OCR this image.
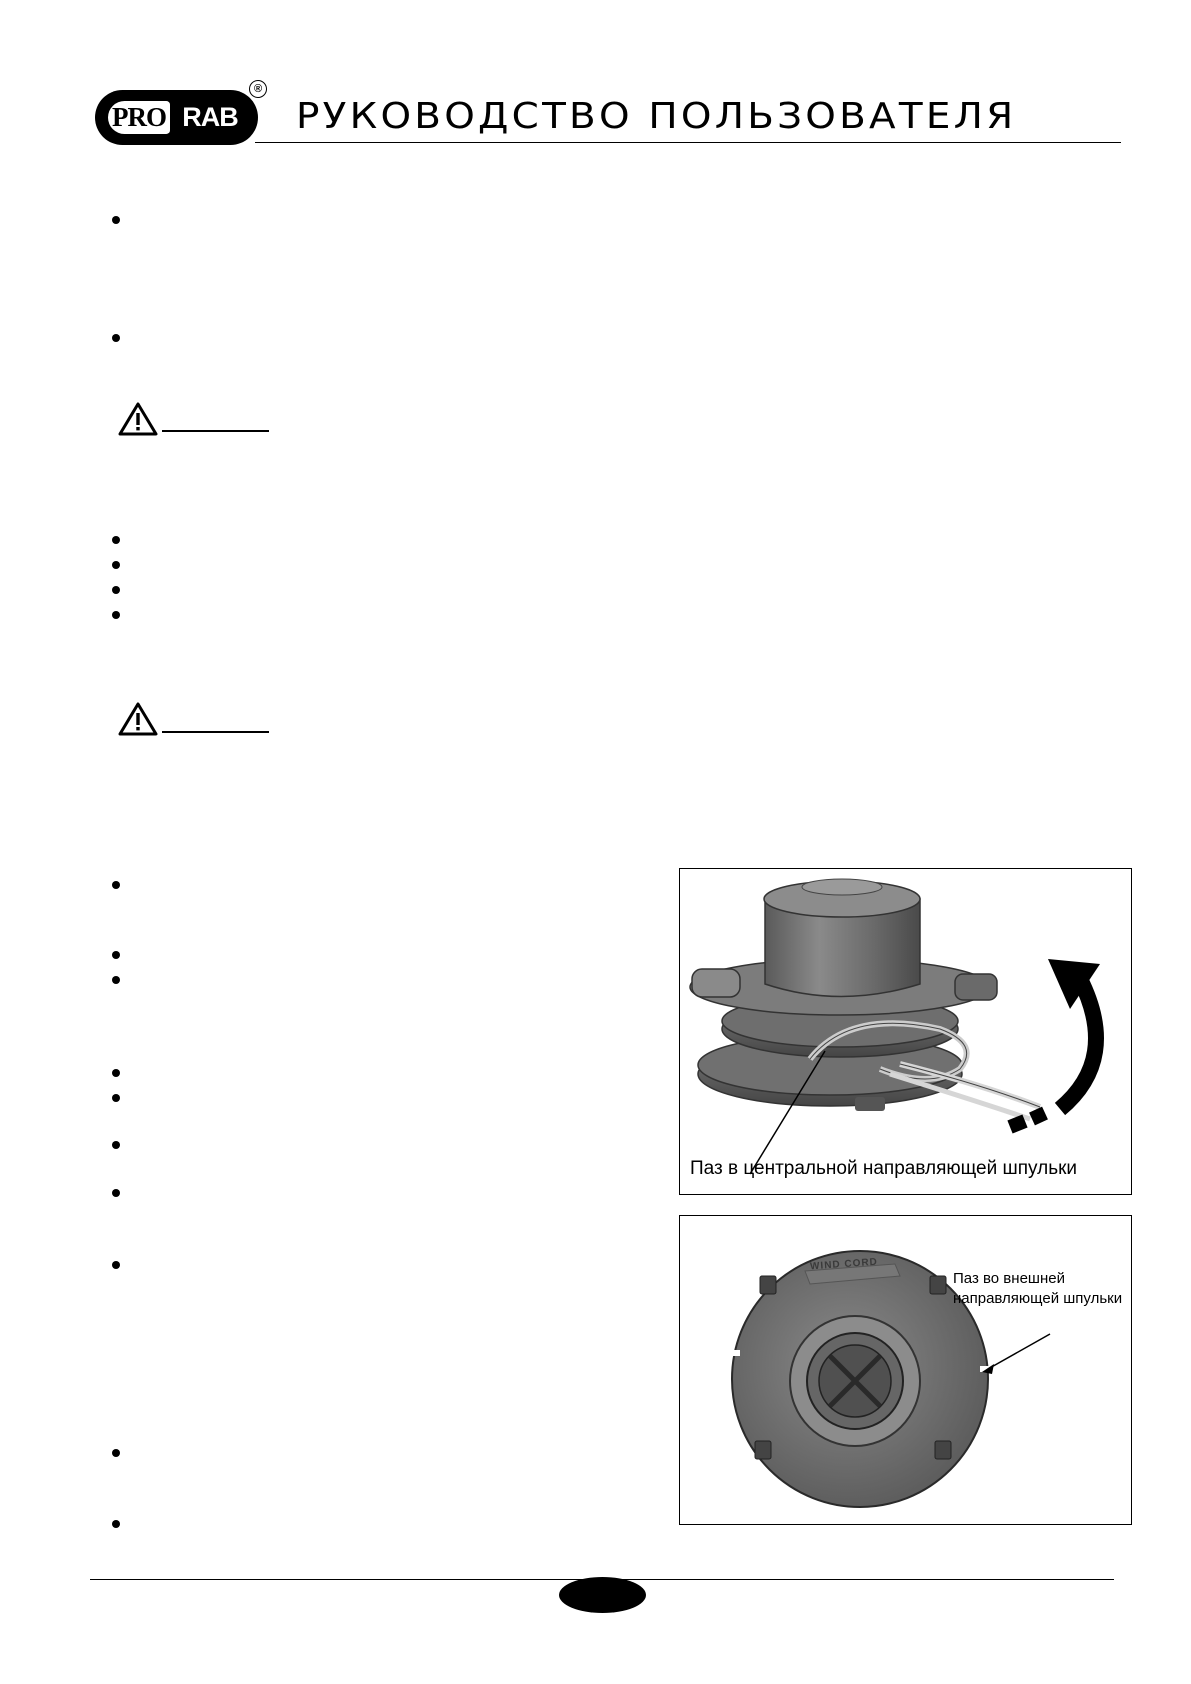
PRO RAB
®
РУКОВОДСТВО ПОЛЬЗОВАТЕЛЯ
Паз в центральной направляющей шпульки
WIND CORD
Паз во внешней
направляющей шпульки
